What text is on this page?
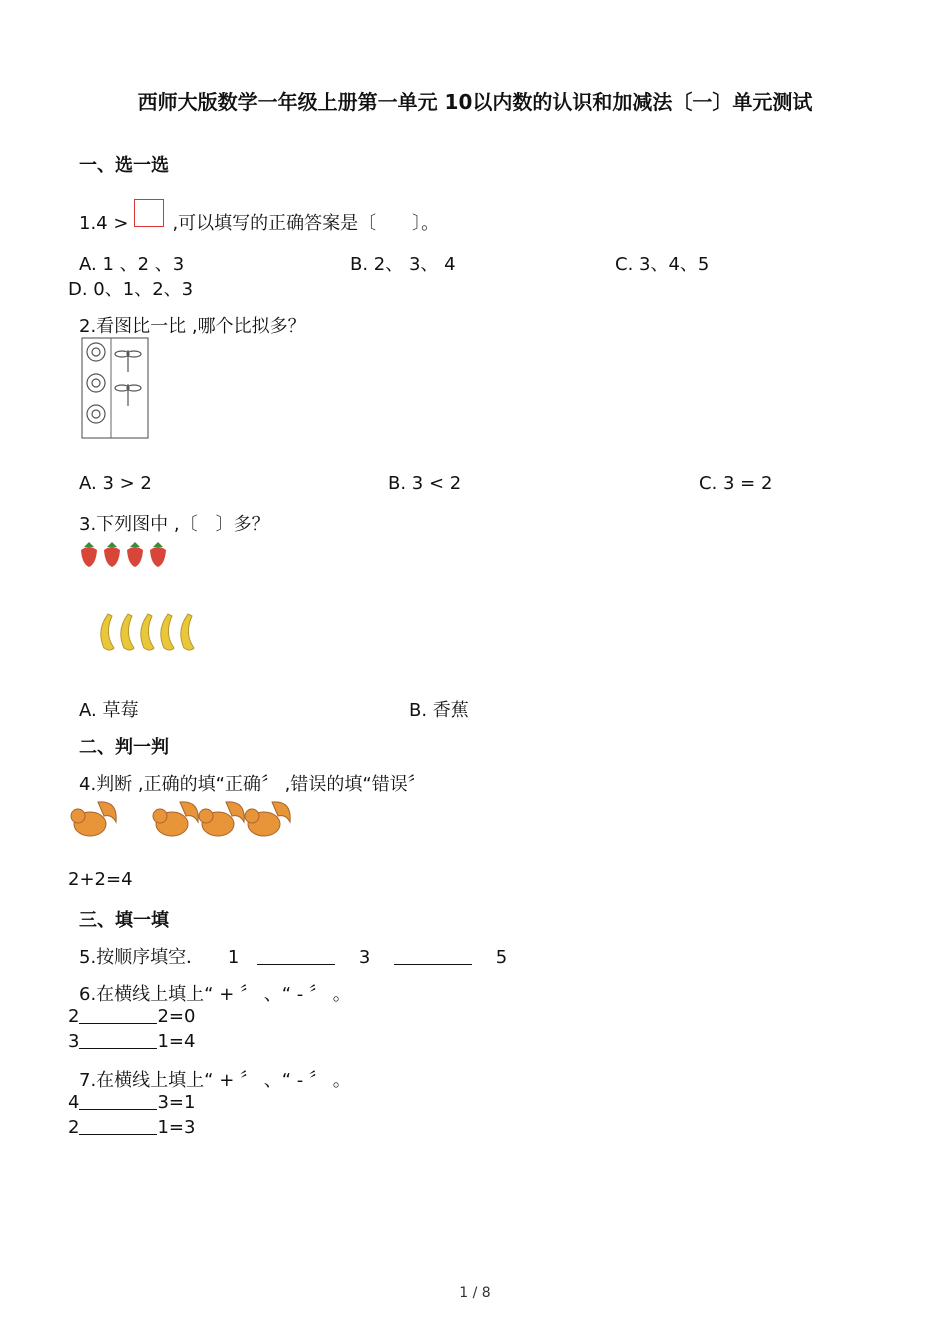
西师大版数学一年级上册第一单元 10以内数的认识和加减法〔一〕单元测试
一、选一选
1.4 > ,可以填写的正确答案是〔　　〕。
A. 1 、2 、3	B. 2、 3、 4	C. 3、4、5
D. 0、1、2、3
2.看图比一比 ,哪个比拟多？
A. 3 > 2	B. 3 < 2	C. 3 = 2
3.下列图中 ,〔　〕多？
A. 草莓	B. 香蕉
二、判一判
4.判断 ,正确的填“正确〞 ,错误的填“错误〞
2+2=4
三、填一填
5.按顺序填空． 1	3	5
6.在横线上填上“ + 〞 、“ - 〞 。
2	2=0
3	1=4
7.在横线上填上“ + 〞 、“ - 〞 。
4	3=1
2	1=3
1 / 8
